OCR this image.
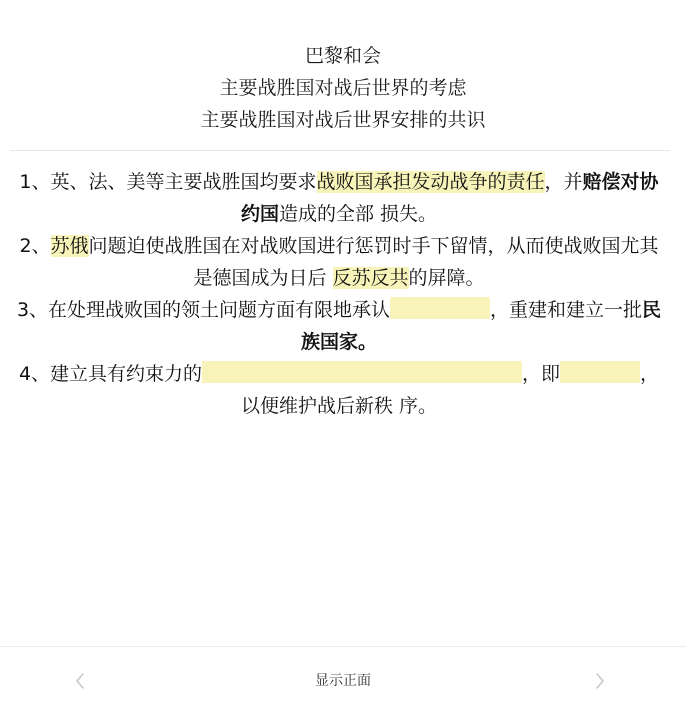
巴黎和会
主要战胜国对战后世界的考虑
主要战胜国对战后世界安排的共识

1、英、法、美等主要战胜国均要求战败国承担发动战争的责任，并赔偿对协约国造成的全部 损失。

2、苏俄问题迫使战胜国在对战败国进行惩罚时手下留情，从而使战败国尤其是德国成为日后 反苏反共的屏障。

3、在处理战败国的领土问题方面有限地承认	，重建和建立一批民族国家。

4、建立具有约束力的	，即	，以便维护战后新秩 序。

显示正面
